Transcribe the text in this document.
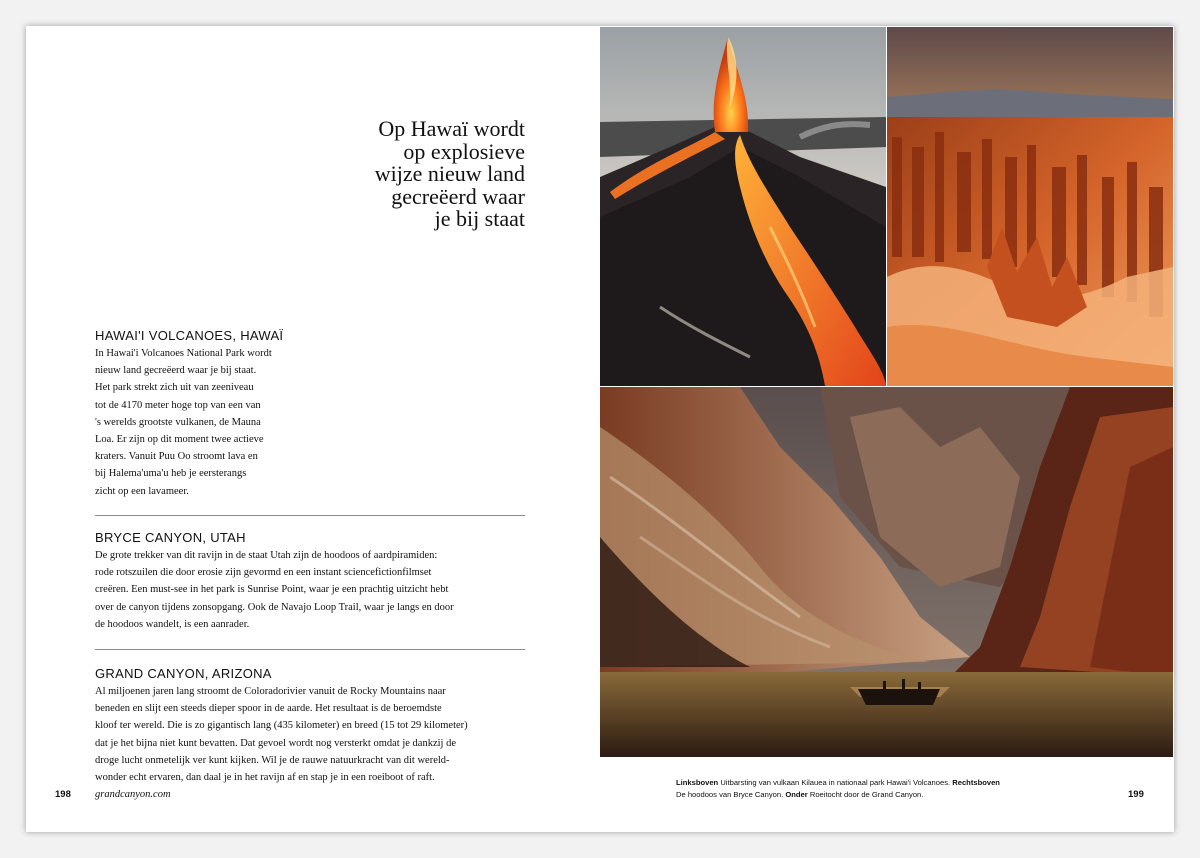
Op Hawaï wordt
op explosieve
wijze nieuw land
gecreëerd waar
je bij staat
HAWAI'I VOLCANOES, HAWAÏ

In Hawai'i Volcanoes National Park wordt
nieuw land gecreëerd waar je bij staat.
Het park strekt zich uit van zeeniveau
tot de 4170 meter hoge top van een van
's werelds grootste vulkanen, de Mauna
Loa. Er zijn op dit moment twee actieve
kraters. Vanuit Puu Oo stroomt lava en
bij Halema'uma'u heb je eersterangs
zicht op een lavameer.

BRYCE CANYON, UTAH

De grote trekker van dit ravijn in de staat Utah zijn de hoodoos of aardpiramiden:
rode rotszuilen die door erosie zijn gevormd en een instant sciencefictionfilmset
creëren. Een must-see in het park is Sunrise Point, waar je een prachtig uitzicht hebt
over de canyon tijdens zonsopgang. Ook de Navajo Loop Trail, waar je langs en door
de hoodoos wandelt, is een aanrader.

GRAND CANYON, ARIZONA

Al miljoenen jaren lang stroomt de Coloradorivier vanuit de Rocky Mountains naar
beneden en slijt een steeds dieper spoor in de aarde. Het resultaat is de beroemdste
kloof ter wereld. Die is zo gigantisch lang (435 kilometer) en breed (15 tot 29 kilometer)
dat je het bijna niet kunt bevatten. Dat gevoel wordt nog versterkt omdat je dankzij de
droge lucht onmetelijk ver kunt kijken. Wil je de rauwe natuurkracht van dit wereld-
wonder echt ervaren, dan daal je in het ravijn af en stap je in een roeiboot of raft.
grandcanyon.com

198	199
Linksboven Uitbarsting van vulkaan Kilauea in nationaal park Hawai'i Volcanoes. Rechtsboven
De hoodoos van Bryce Canyon. Onder Roeitocht door de Grand Canyon.
